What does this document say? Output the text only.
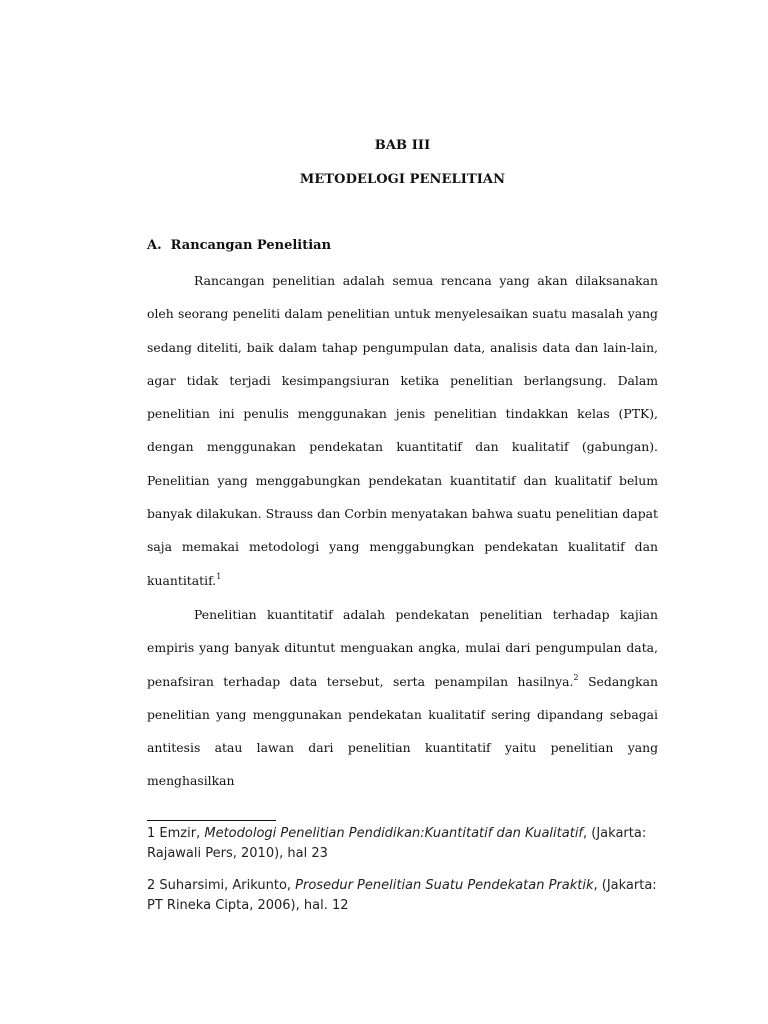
BAB III
METODELOGI PENELITIAN
A.  Rancangan Penelitian

Rancangan penelitian adalah semua rencana yang akan dilaksanakan oleh seorang peneliti dalam penelitian untuk menyelesaikan suatu masalah yang sedang diteliti, baik dalam tahap pengumpulan data, analisis data dan lain-lain, agar tidak terjadi kesimpangsiuran ketika penelitian berlangsung. Dalam penelitian ini penulis menggunakan jenis penelitian tindakkan kelas (PTK), dengan menggunakan pendekatan kuantitatif dan kualitatif (gabungan). Penelitian yang menggabungkan pendekatan kuantitatif dan kualitatif belum banyak dilakukan. Strauss dan Corbin menyatakan bahwa suatu penelitian dapat saja memakai metodologi yang menggabungkan pendekatan kualitatif dan kuantitatif.$^1$

Penelitian kuantitatif adalah pendekatan penelitian terhadap kajian empiris yang banyak dituntut menguakan angka, mulai dari pengumpulan data, penafsiran terhadap data tersebut, serta penampilan hasilnya.$^2$ Sedangkan penelitian yang menggunakan pendekatan kualitatif sering dipandang sebagai antitesis atau lawan dari penelitian kuantitatif yaitu penelitian yang menghasilkan

1 Emzir, Metodologi Penelitian Pendidikan:Kuantitatif dan Kualitatif, (Jakarta: Rajawali Pers, 2010), hal 23

2 Suharsimi, Arikunto, Prosedur Penelitian Suatu Pendekatan Praktik, (Jakarta: PT Rineka Cipta, 2006), hal. 12
